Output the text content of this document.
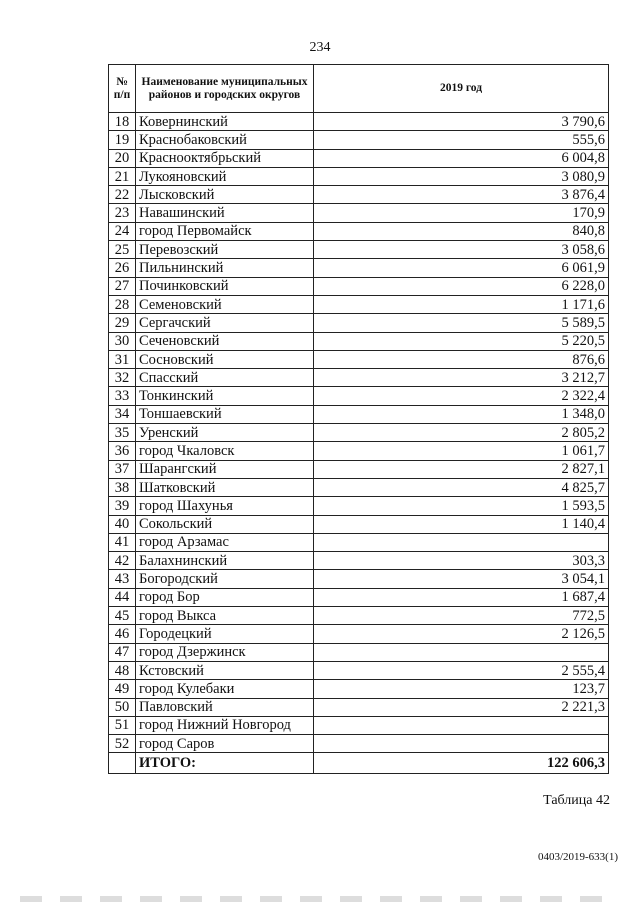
234
№
п/п	Наименование муниципальных районов и городских округов	2019 год
18	Ковернинский	3 790,6
19	Краснобаковский	555,6
20	Краснооктябрьский	6 004,8
21	Лукояновский	3 080,9
22	Лысковский	3 876,4
23	Навашинский	170,9
24	город Первомайск	840,8
25	Перевозский	3 058,6
26	Пильнинский	6 061,9
27	Починковский	6 228,0
28	Семеновский	1 171,6
29	Сергачский	5 589,5
30	Сеченовский	5 220,5
31	Сосновский	876,6
32	Спасский	3 212,7
33	Тонкинский	2 322,4
34	Тоншаевский	1 348,0
35	Уренский	2 805,2
36	город Чкаловск	1 061,7
37	Шарангский	2 827,1
38	Шатковский	4 825,7
39	город Шахунья	1 593,5
40	Сокольский	1 140,4
41	город Арзамас	
42	Балахнинский	303,3
43	Богородский	3 054,1
44	город Бор	1 687,4
45	город Выкса	772,5
46	Городецкий	2 126,5
47	город Дзержинск	
48	Кстовский	2 555,4
49	город Кулебаки	123,7
50	Павловский	2 221,3
51	город Нижний Новгород	
52	город Саров	
	ИТОГО:	122 606,3
Таблица 42
0403/2019-633(1)
